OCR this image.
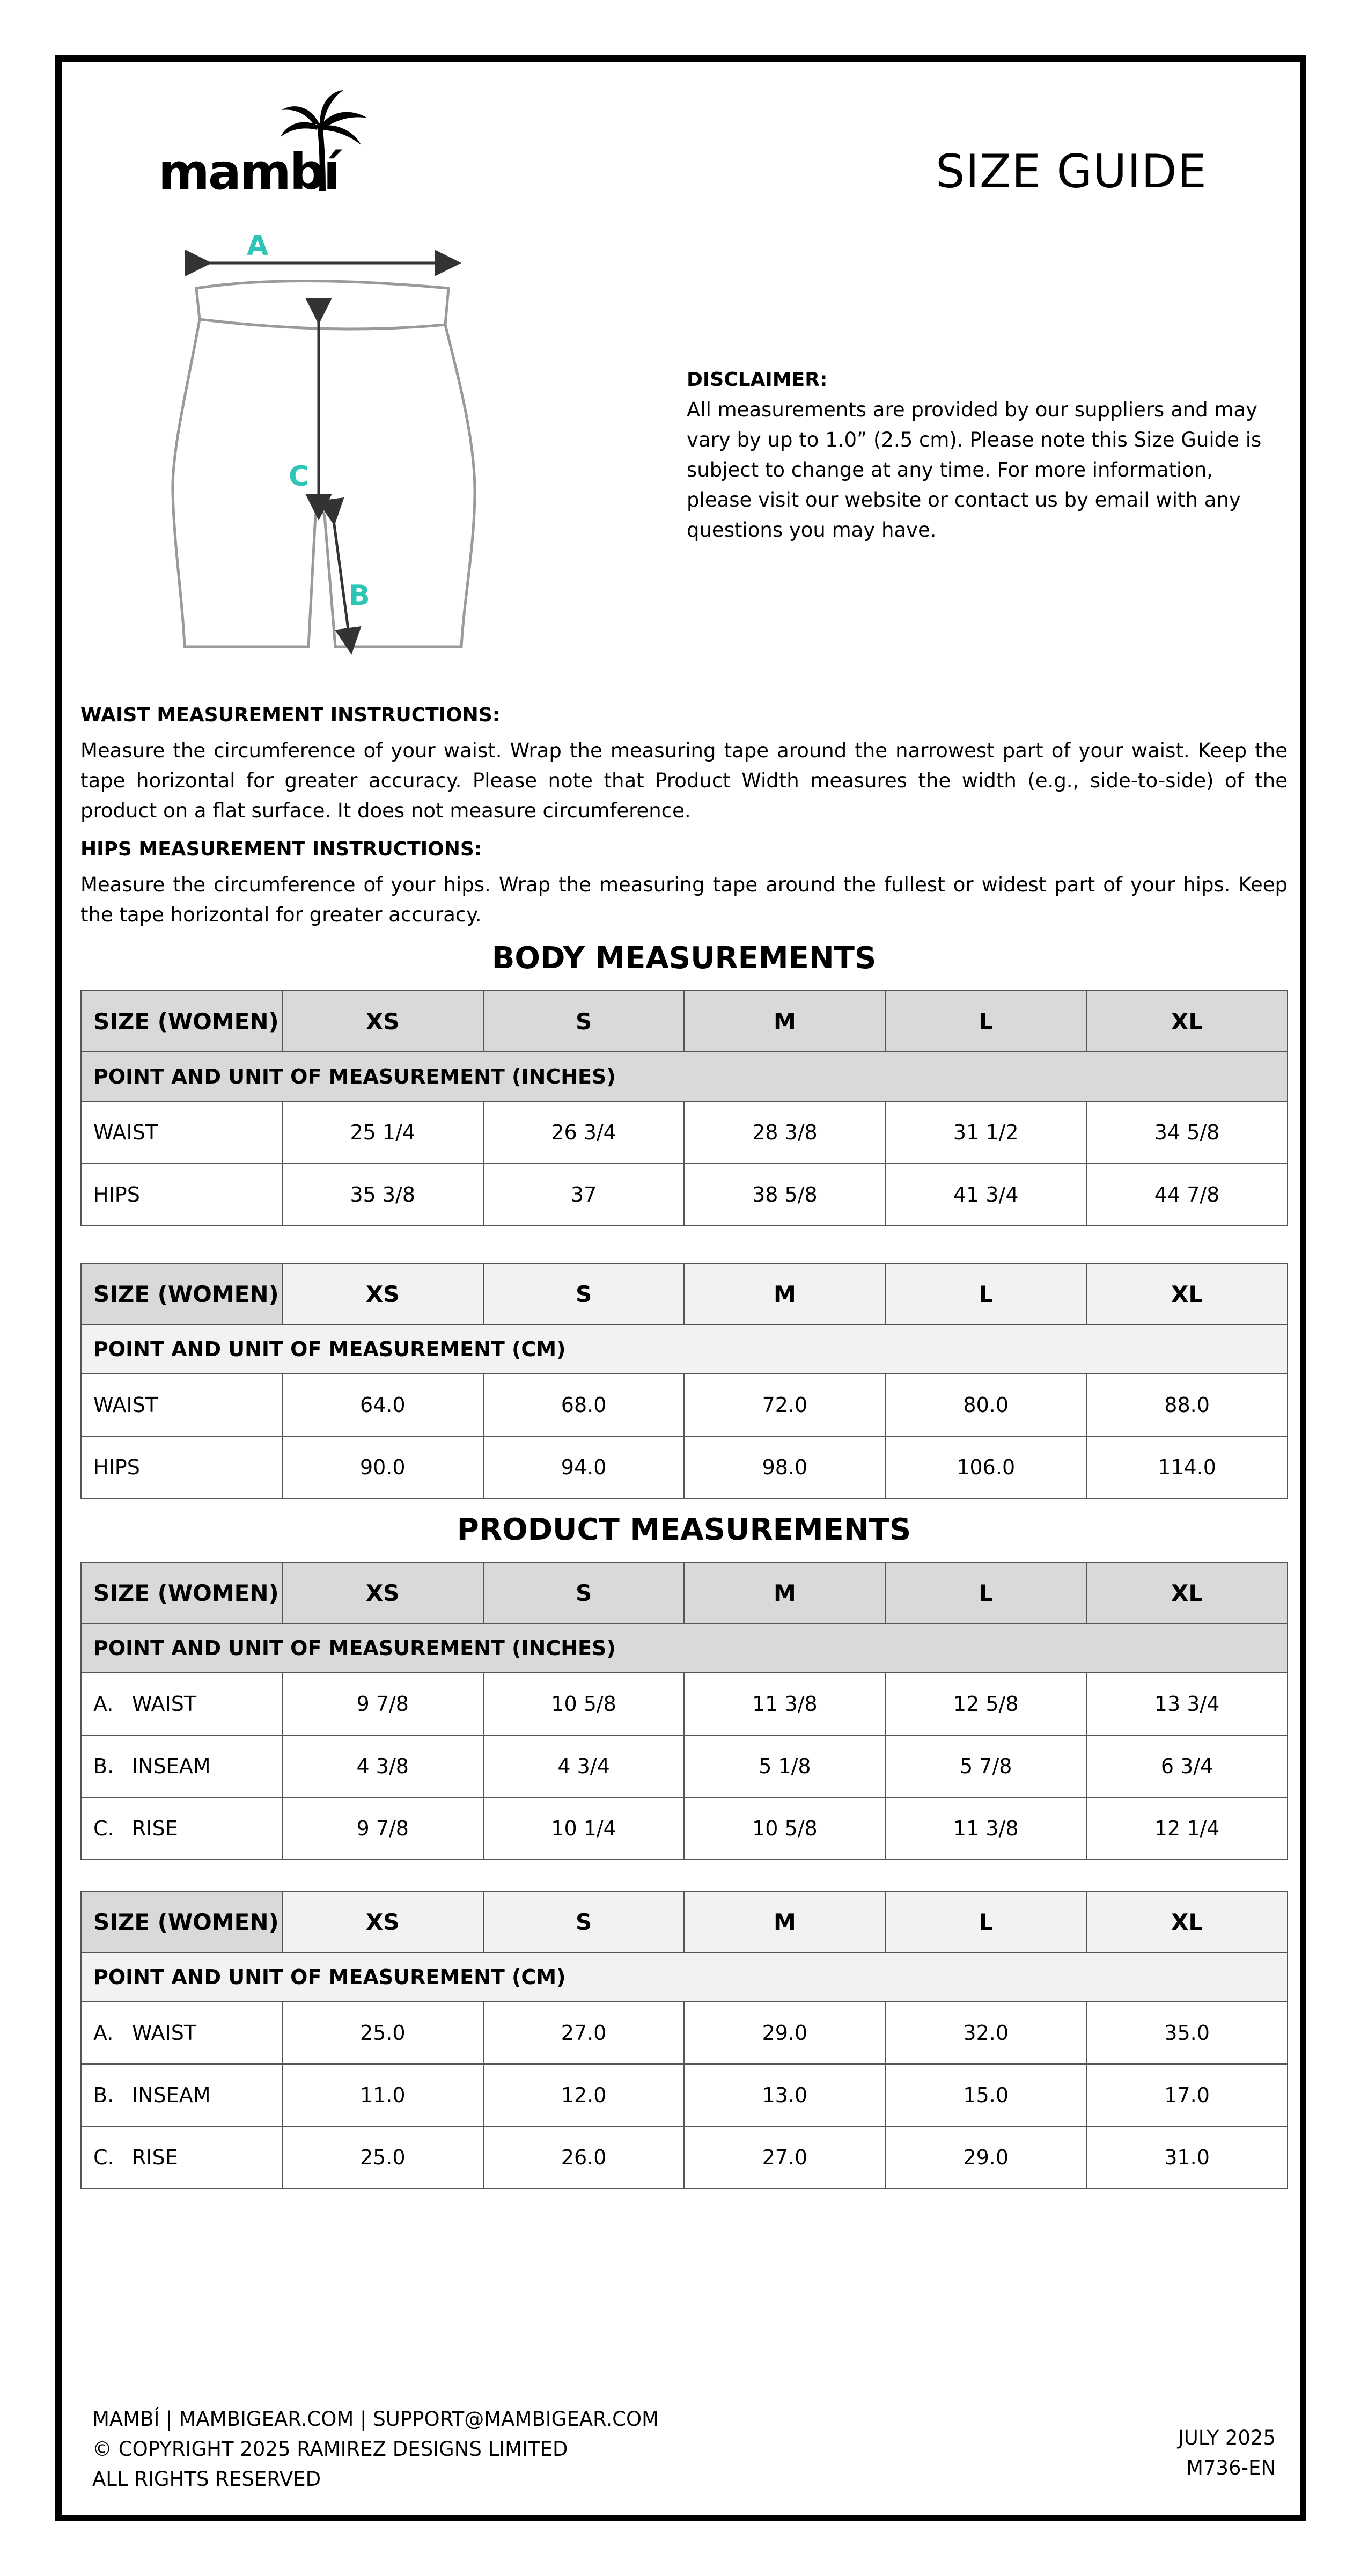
mambí	SIZE GUIDE
A
C
B
DISCLAIMER:
All measurements are provided by our suppliers and may vary by up to 1.0” (2.5 cm). Please note this Size Guide is subject to change at any time. For more information, please visit our website or contact us by email with any questions you may have.
WAIST MEASUREMENT INSTRUCTIONS:
Measure the circumference of your waist. Wrap the measuring tape around the narrowest part of your waist. Keep the tape horizontal for greater accuracy. Please note that Product Width measures the width (e.g., side-to-side) of the product on a flat surface. It does not measure circumference.
HIPS MEASUREMENT INSTRUCTIONS:
Measure the circumference of your hips. Wrap the measuring tape around the fullest or widest part of your hips. Keep the tape horizontal for greater accuracy.
BODY MEASUREMENTS
SIZE (WOMEN)	XS	S	M	L	XL
POINT AND UNIT OF MEASUREMENT (INCHES)					
WAIST	25 1/4	26 3/4	28 3/8	31 1/2	34 5/8
HIPS	35 3/8	37	38 5/8	41 3/4	44 7/8
SIZE (WOMEN)	XS	S	M	L	XL
POINT AND UNIT OF MEASUREMENT (CM)					
WAIST	64.0	68.0	72.0	80.0	88.0
HIPS	90.0	94.0	98.0	106.0	114.0
PRODUCT MEASUREMENTS
SIZE (WOMEN)	XS	S	M	L	XL
POINT AND UNIT OF MEASUREMENT (INCHES)					
A. WAIST	9 7/8	10 5/8	11 3/8	12 5/8	13 3/4
B. INSEAM	4 3/8	4 3/4	5 1/8	5 7/8	6 3/4
C. RISE	9 7/8	10 1/4	10 5/8	11 3/8	12 1/4
SIZE (WOMEN)	XS	S	M	L	XL
POINT AND UNIT OF MEASUREMENT (CM)					
A. WAIST	25.0	27.0	29.0	32.0	35.0
B. INSEAM	11.0	12.0	13.0	15.0	17.0
C. RISE	25.0	26.0	27.0	29.0	31.0
MAMBÍ | MAMBIGEAR.COM | SUPPORT@MAMBIGEAR.COM
© COPYRIGHT 2025 RAMIREZ DESIGNS LIMITED
ALL RIGHTS RESERVED
JULY 2025
M736-EN
